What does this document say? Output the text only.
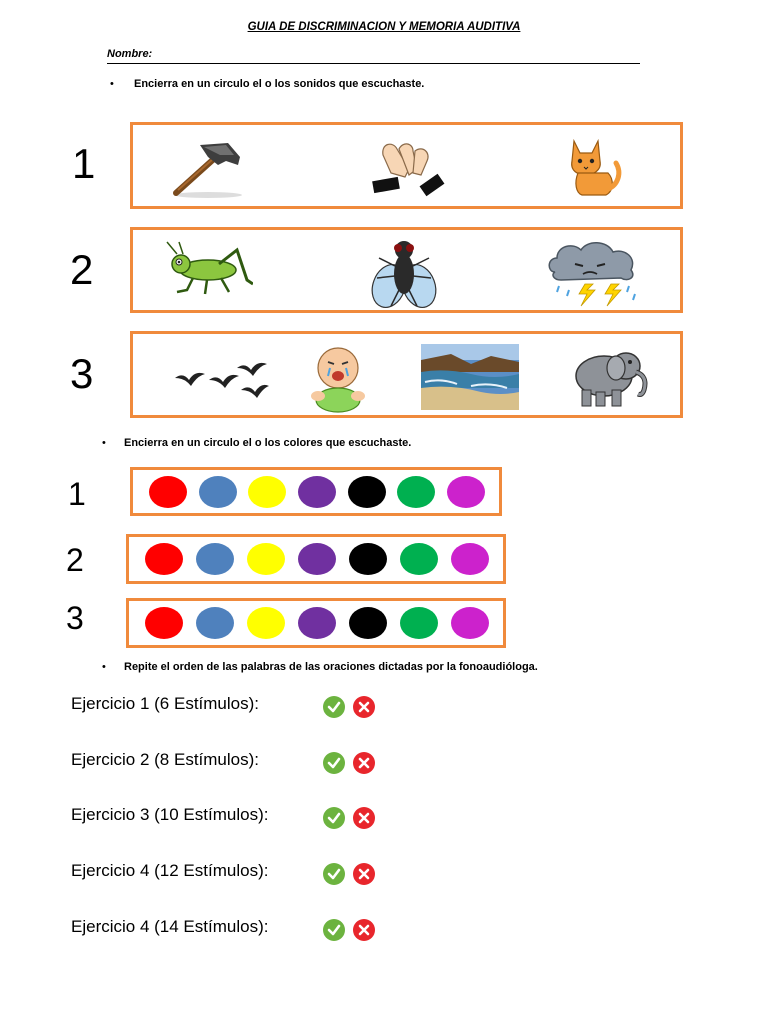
GUIA DE DISCRIMINACION Y MEMORIA AUDITIVA
Nombre:
• Encierra en un circulo el o los sonidos que escuchaste.
1
2
3
• Encierra en un circulo el o los colores que escuchaste.
1
2
3
• Repite el orden de las palabras de las oraciones dictadas por la fonoaudióloga.
Ejercicio 1 (6 Estímulos):
Ejercicio 2 (8 Estímulos):
Ejercicio 3 (10 Estímulos):
Ejercicio 4 (12 Estímulos):
Ejercicio 4 (14 Estímulos):
